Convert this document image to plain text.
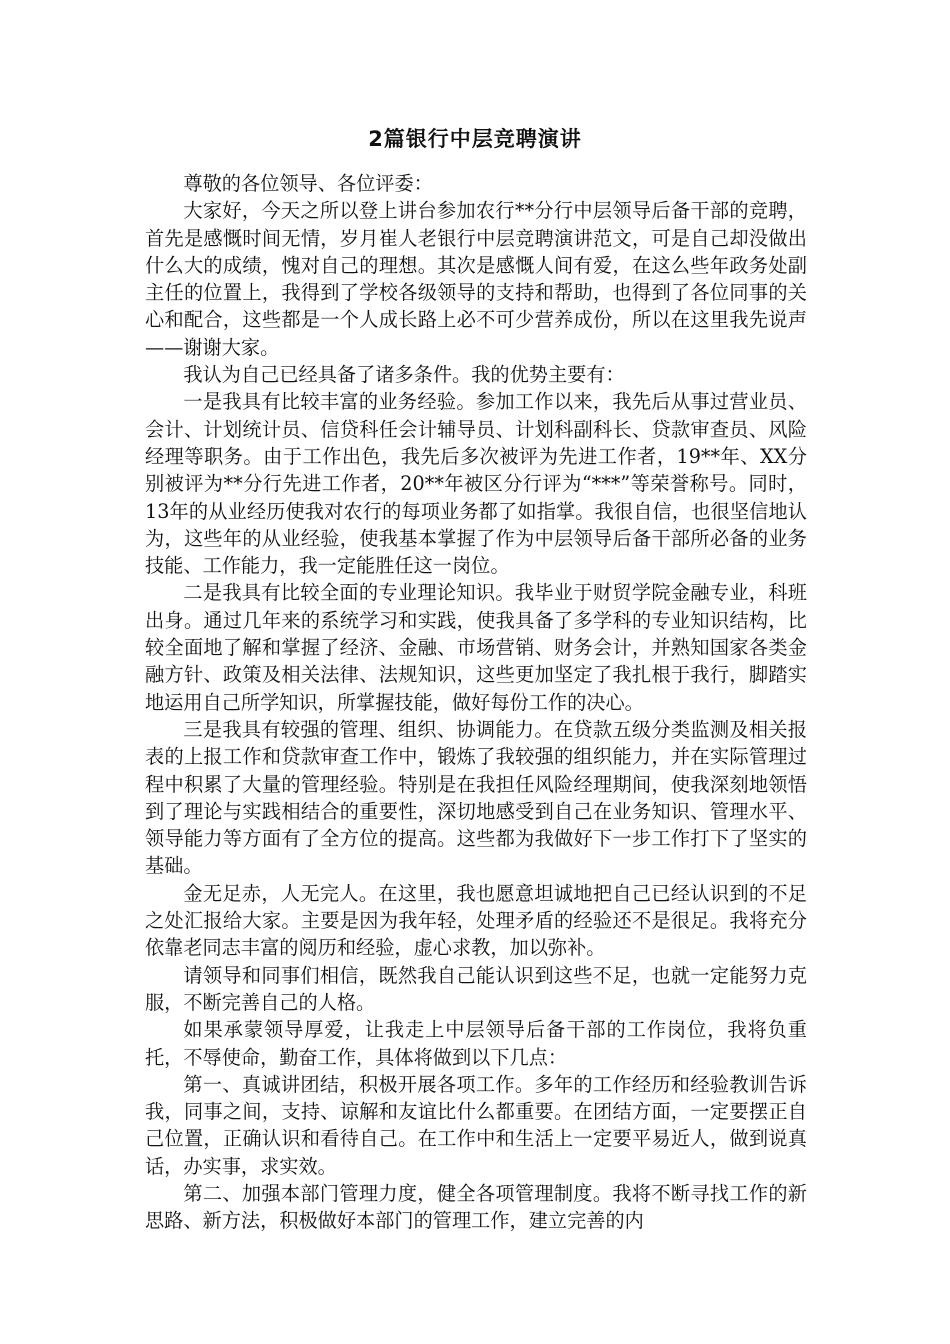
2篇银行中层竞聘演讲

尊敬的各位领导、各位评委：

大家好，今天之所以登上讲台参加农行**分行中层领导后备干部的竞聘，首先是感慨时间无情，岁月崔人老银行中层竞聘演讲范文，可是自己却没做出什么大的成绩，愧对自己的理想。其次是感慨人间有爱，在这么些年政务处副主任的位置上，我得到了学校各级领导的支持和帮助，也得到了各位同事的关心和配合，这些都是一个人成长路上必不可少营养成份，所以在这里我先说声——谢谢大家。

我认为自己已经具备了诸多条件。我的优势主要有：

一是我具有比较丰富的业务经验。参加工作以来，我先后从事过营业员、会计、计划统计员、信贷科任会计辅导员、计划科副科长、贷款审查员、风险经理等职务。由于工作出色，我先后多次被评为先进工作者，19**年、XX分别被评为**分行先进工作者，20**年被区分行评为“***”等荣誉称号。同时，13年的从业经历使我对农行的每项业务都了如指掌。我很自信，也很坚信地认为，这些年的从业经验，使我基本掌握了作为中层领导后备干部所必备的业务技能、工作能力，我一定能胜任这一岗位。

二是我具有比较全面的专业理论知识。我毕业于财贸学院金融专业，科班出身。通过几年来的系统学习和实践，使我具备了多学科的专业知识结构，比较全面地了解和掌握了经济、金融、市场营销、财务会计，并熟知国家各类金融方针、政策及相关法律、法规知识，这些更加坚定了我扎根于我行，脚踏实地运用自己所学知识，所掌握技能，做好每份工作的决心。

三是我具有较强的管理、组织、协调能力。在贷款五级分类监测及相关报表的上报工作和贷款审查工作中，锻炼了我较强的组织能力，并在实际管理过程中积累了大量的管理经验。特别是在我担任风险经理期间，使我深刻地领悟到了理论与实践相结合的重要性，深切地感受到自己在业务知识、管理水平、领导能力等方面有了全方位的提高。这些都为我做好下一步工作打下了坚实的基础。

金无足赤，人无完人。在这里，我也愿意坦诚地把自己已经认识到的不足之处汇报给大家。主要是因为我年轻，处理矛盾的经验还不是很足。我将充分依靠老同志丰富的阅历和经验，虚心求教，加以弥补。

请领导和同事们相信，既然我自己能认识到这些不足，也就一定能努力克服，不断完善自己的人格。

如果承蒙领导厚爱，让我走上中层领导后备干部的工作岗位，我将负重托，不辱使命，勤奋工作，具体将做到以下几点：

第一、真诚讲团结，积极开展各项工作。多年的工作经历和经验教训告诉我，同事之间，支持、谅解和友谊比什么都重要。在团结方面，一定要摆正自己位置，正确认识和看待自己。在工作中和生活上一定要平易近人，做到说真话，办实事，求实效。

第二、加强本部门管理力度，健全各项管理制度。我将不断寻找工作的新思路、新方法，积极做好本部门的管理工作，建立完善的内
